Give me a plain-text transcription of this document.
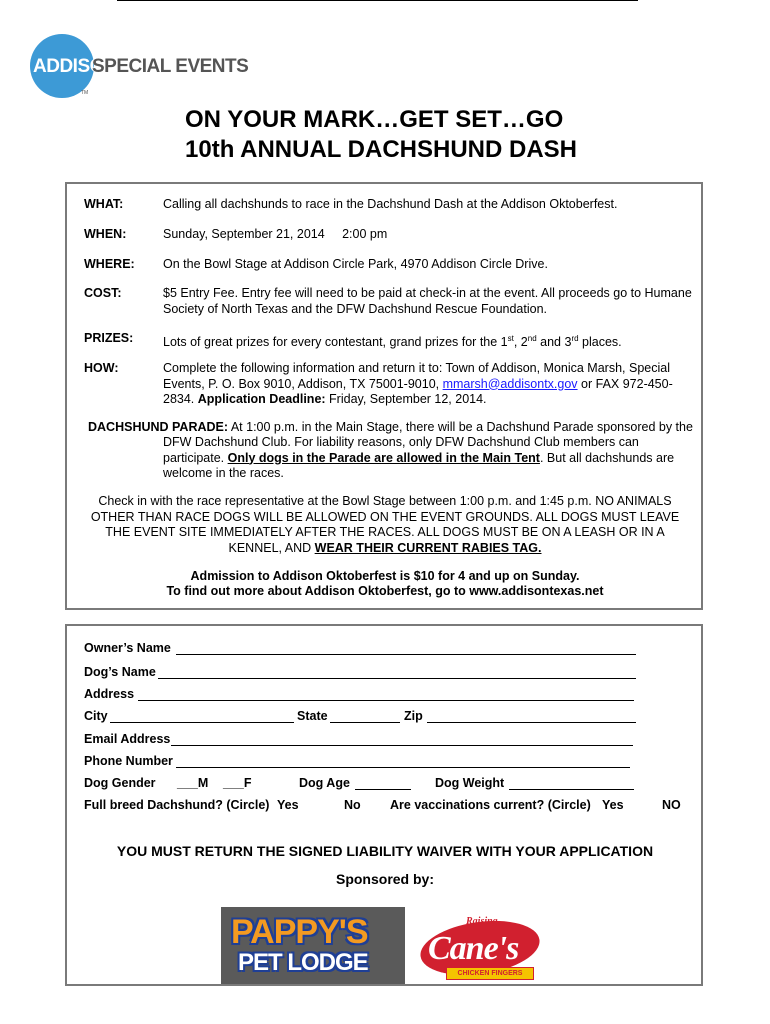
ADDISON
SPECIAL EVENTS
TM
ON YOUR MARK…GET SET…GO
10th ANNUAL DACHSHUND DASH
WHAT:	Calling all dachshunds to race in the Dachshund Dash at the Addison Oktoberfest.
WHEN:	Sunday, September 21, 2014 2:00 pm
WHERE: On the Bowl Stage at Addison Circle Park, 4970 Addison Circle Drive.
COST:	$5 Entry Fee. Entry fee will need to be paid at check-in at the event. All proceeds go to Humane Society of North Texas and the DFW Dachshund Rescue Foundation.
PRIZES: Lots of great prizes for every contestant, grand prizes for the 1st, 2nd and 3rd places.
HOW:	Complete the following information and return it to: Town of Addison, Monica Marsh, Special Events, P. O. Box 9010, Addison, TX 75001-9010, mmarsh@addisontx.gov or FAX 972-450-2834. Application Deadline: Friday, September 12, 2014.
DACHSHUND PARADE: At 1:00 p.m. in the Main Stage, there will be a Dachshund Parade sponsored by the
DFW Dachshund Club. For liability reasons, only DFW Dachshund Club members can participate. Only dogs in the Parade are allowed in the Main Tent. But all dachshunds are welcome in the races.
Check in with the race representative at the Bowl Stage between 1:00 p.m. and 1:45 p.m. NO ANIMALS OTHER THAN RACE DOGS WILL BE ALLOWED ON THE EVENT GROUNDS. ALL DOGS MUST LEAVE THE EVENT SITE IMMEDIATELY AFTER THE RACES. ALL DOGS MUST BE ON A LEASH OR IN A KENNEL, AND WEAR THEIR CURRENT RABIES TAG.
Admission to Addison Oktoberfest is $10 for 4 and up on Sunday.
To find out more about Addison Oktoberfest, go to www.addisontexas.net
Owner’s Name
Dog’s Name
Address
City	State	Zip
Email Address
Phone Number
Dog Gender ___M ___F	Dog Age	Dog Weight
Full breed Dachshund? (Circle) Yes	No Are vaccinations current? (Circle) Yes	NO
YOU MUST RETURN THE SIGNED LIABILITY WAIVER WITH YOUR APPLICATION
Sponsored by:
PAPPY'S
PET LODGE
Raising
Cane's
CHICKEN FINGERS
